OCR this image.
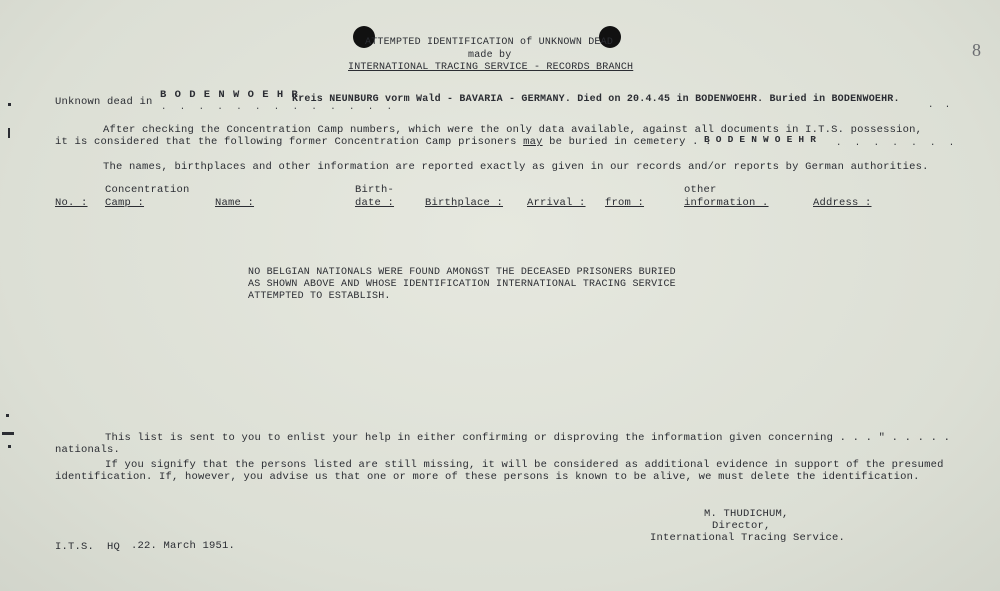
8
ATTEMPTED IDENTIFICATION of UNKNOWN DEAD
made by
INTERNATIONAL TRACING SERVICE - RECORDS BRANCH
Unknown dead in
B O D E N W O E H R
. . . . . . . . . . . . .
Kreis NEUNBURG vorm Wald - BAVARIA - GERMANY. Died on 20.4.45 in BODENWOEHR. Buried in BODENWOEHR.	. .
After checking the Concentration Camp numbers, which were the only data available, against all documents in I.T.S. possession,
it is considered that the following former Concentration Camp prisoners may be buried in cemetery . .
B O D E N W O E H R . . . . . . .
The names, birthplaces and other information are reported exactly as given in our records and/or reports by German authorities.
Concentration	Birth-	other
No. : Camp :	Name :	date :	Birthplace : Arrival : from :	information .	Address :
NO BELGIAN NATIONALS WERE FOUND AMONGST THE DECEASED PRISONERS BURIED
AS SHOWN ABOVE AND WHOSE IDENTIFICATION INTERNATIONAL TRACING SERVICE
ATTEMPTED TO ESTABLISH.
This list is sent to you to enlist your help in either confirming or disproving the information given concerning . . . " . . . . .
nationals.
If you signify that the persons listed are still missing, it will be considered as additional evidence in support of the presumed
identification. If, however, you advise us that one or more of these persons is known to be alive, we must delete the identification.
M. THUDICHUM,
Director,
International Tracing Service.
I.T.S.  HQ .22. March 1951.
